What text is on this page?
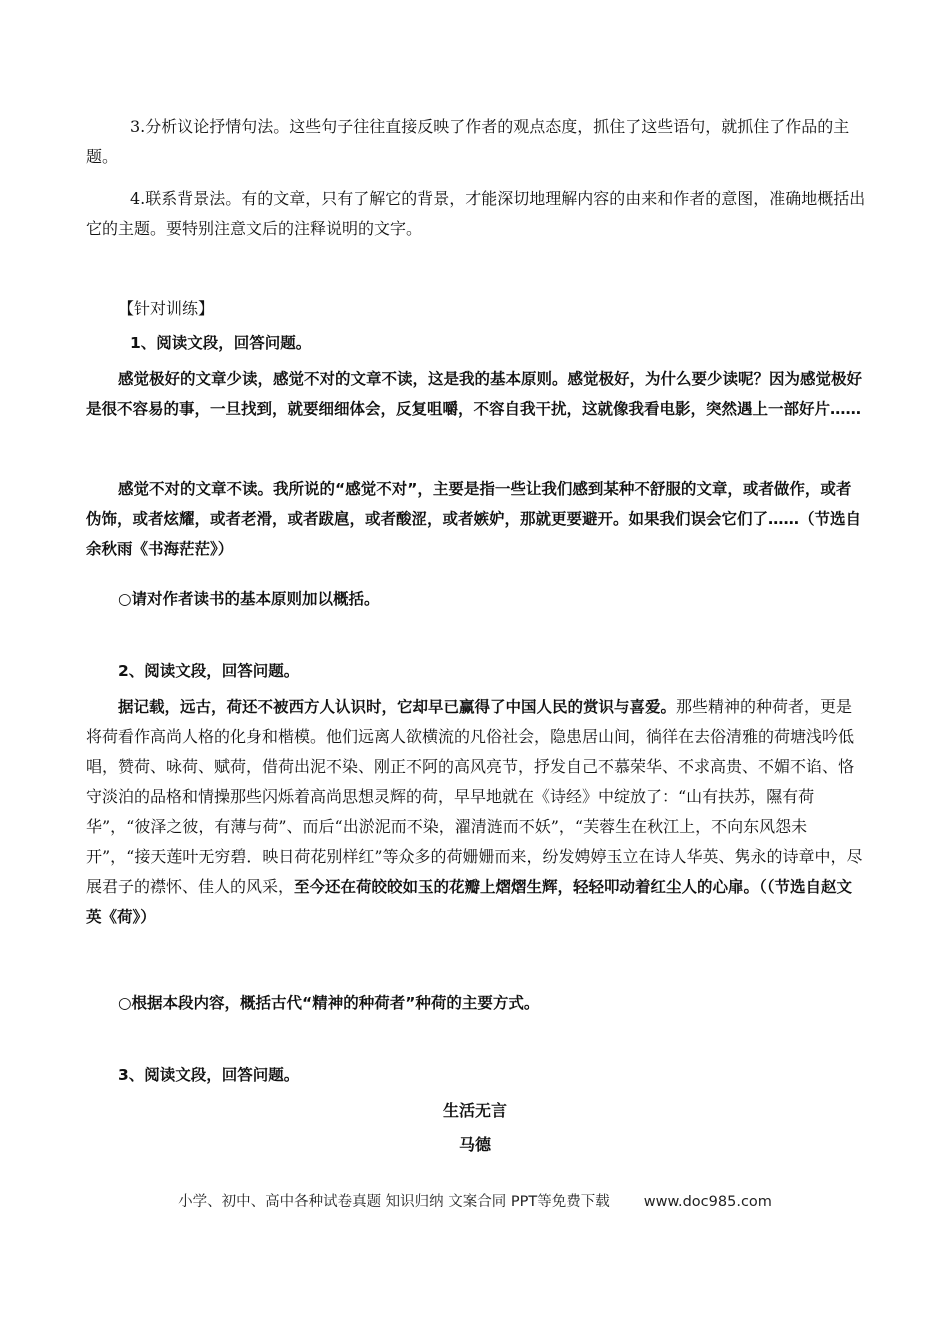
3.分析议论抒情句法。这些句子往往直接反映了作者的观点态度，抓住了这些语句，就抓住了作品的主题。

4.联系背景法。有的文章，只有了解它的背景，才能深切地理解内容的由来和作者的意图，准确地概括出它的主题。要特别注意文后的注释说明的文字。

【针对训练】

1、阅读文段，回答问题。

感觉极好的文章少读，感觉不对的文章不读，这是我的基本原则。感觉极好，为什么要少读呢？因为感觉极好是很不容易的事，一旦找到，就要细细体会，反复咀嚼，不容自我干扰，这就像我看电影，突然遇上一部好片……

感觉不对的文章不读。我所说的“感觉不对”，主要是指一些让我们感到某种不舒服的文章，或者做作，或者伪饰，或者炫耀，或者老滑，或者跋扈，或者酸涩，或者嫉妒，那就更要避开。如果我们误会它们了……（节选自余秋雨《书海茫茫》）

○请对作者读书的基本原则加以概括。

2、阅读文段，回答问题。

据记载，远古，荷还不被西方人认识时，它却早已赢得了中国人民的赏识与喜爱。那些精神的种荷者，更是将荷看作高尚人格的化身和楷模。他们远离人欲横流的凡俗社会，隐患居山间，徜徉在去俗清雅的荷塘浅吟低唱，赞荷、咏荷、赋荷，借荷出泥不染、刚正不阿的高风亮节，抒发自己不慕荣华、不求高贵、不媚不谄、恪守淡泊的品格和情操那些闪烁着高尚思想灵辉的荷，早早地就在《诗经》中绽放了：“山有扶苏，隰有荷华”，“彼泽之彼，有薄与荷”、而后“出淤泥而不染，濯清涟而不妖”，“芙蓉生在秋江上，不向东风怨未开”，“接天莲叶无穷碧．映日荷花别样红”等众多的荷姗姗而来，纷发娉婷玉立在诗人华英、隽永的诗章中，尽展君子的襟怀、佳人的风采，至今还在荷皎皎如玉的花瓣上熠熠生辉，轻轻叩动着红尘人的心扉。（（节选自赵文英《荷》）

○根据本段内容，概括古代“精神的种荷者”种荷的主要方式。

3、阅读文段，回答问题。

生活无言
马德
小学、初中、高中各种试卷真题 知识归纳 文案合同 PPT等免费下载 www.doc985.com
